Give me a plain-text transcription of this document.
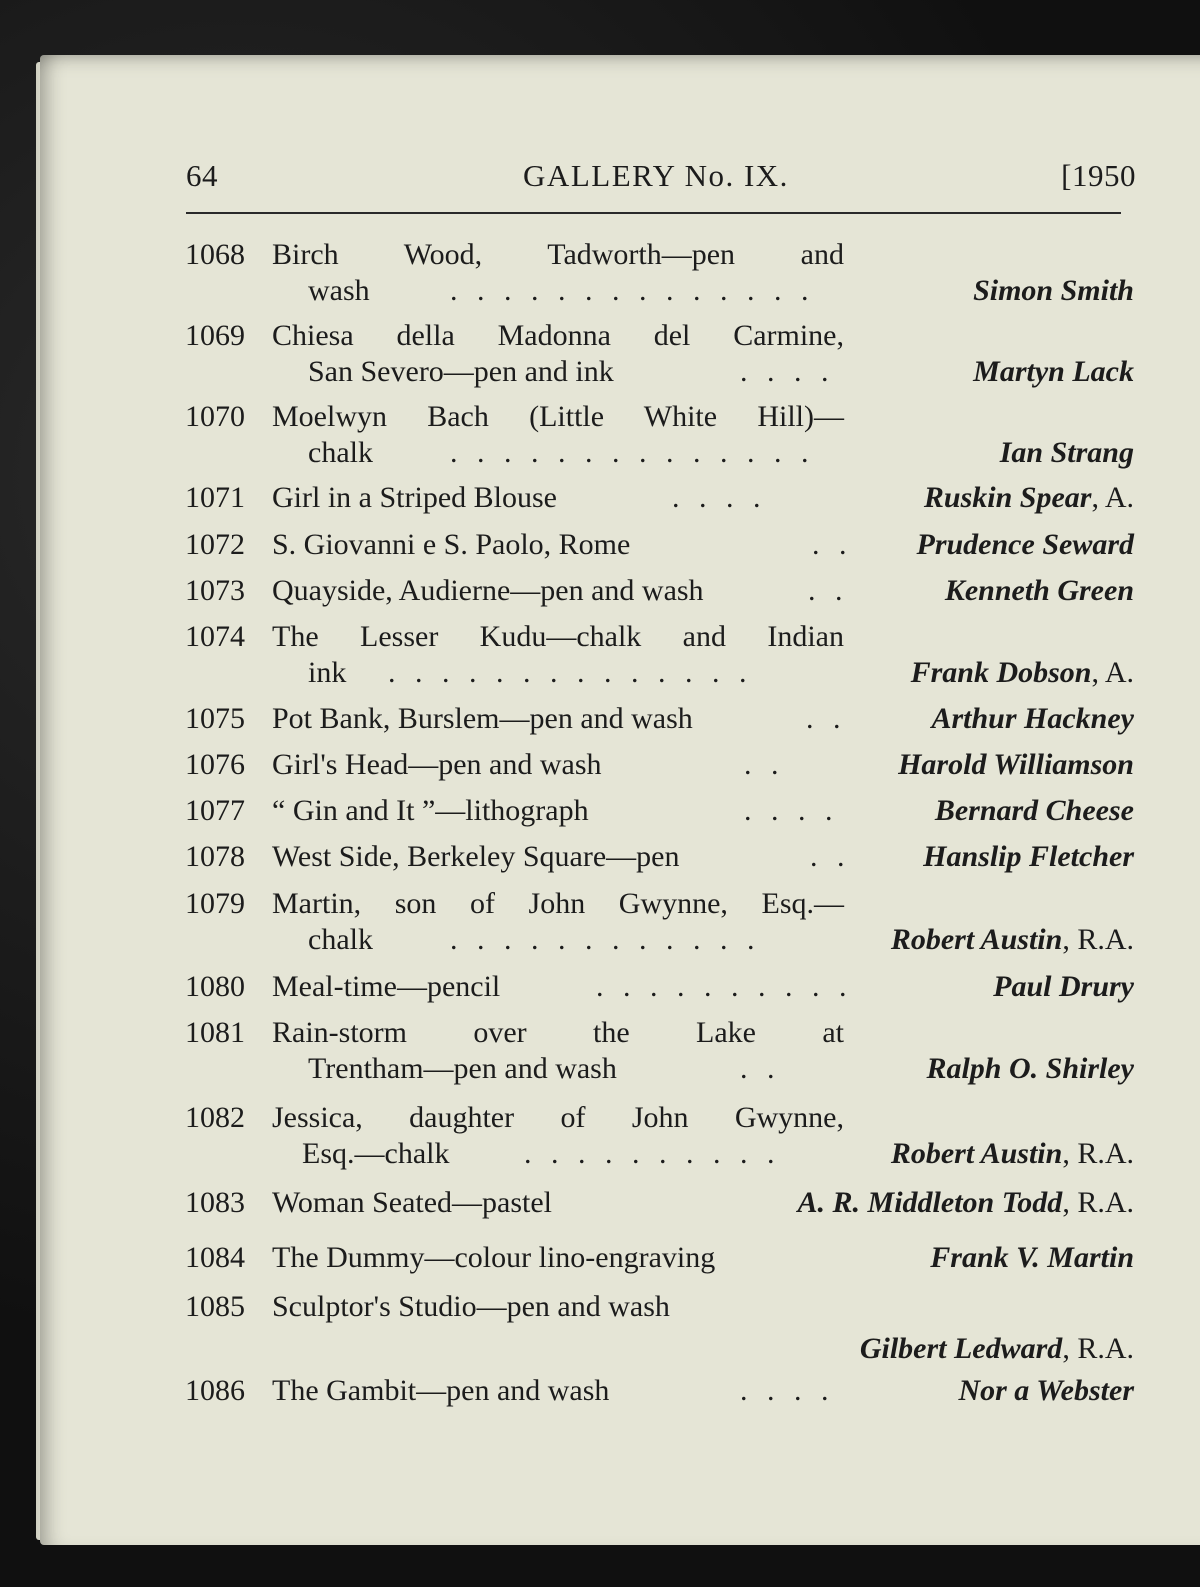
64	GALLERY No. IX.	[1950
1068 Birch Wood, Tadworth—pen and
wash	. . . . . . . . . . . . . .	Simon Smith
1069 Chiesa della Madonna del Carmine,
San Severo—pen and ink	. . . .	Martyn Lack
1070 Moelwyn Bach (Little White Hill)—
chalk	. . . . . . . . . . . . . .	Ian Strang
1071 Girl in a Striped Blouse	. . . .	Ruskin Spear, A.
1072 S. Giovanni e S. Paolo, Rome	. . Prudence Seward
1073 Quayside, Audierne—pen and wash	. .	Kenneth Green
1074 The Lesser Kudu—chalk and Indian
ink . . . . . . . . . . . . . .	Frank Dobson, A.
1075 Pot Bank, Burslem—pen and wash	. .	Arthur Hackney
1076 Girl's Head—pen and wash	. .	Harold Williamson
1077 “ Gin and It ”—lithograph	. . . .	Bernard Cheese
1078 West Side, Berkeley Square—pen	. . Hanslip Fletcher
1079 Martin, son of John Gwynne, Esq.—
chalk	. . . . . . . . . . . .	Robert Austin, R.A.
1080 Meal-time—pencil	. . . . . . . . . .	Paul Drury
1081 Rain-storm over the Lake at
Trentham—pen and wash	. .	Ralph O. Shirley
1082 Jessica, daughter of John Gwynne,
Esq.—chalk . . . . . . . . . .	Robert Austin, R.A.
1083 Woman Seated—pastel	A. R. Middleton Todd, R.A.
1084 The Dummy—colour lino-engraving	Frank V. Martin
1085 Sculptor's Studio—pen and wash
Gilbert Ledward, R.A.
1086 The Gambit—pen and wash	. . . .	Nor a Webster
